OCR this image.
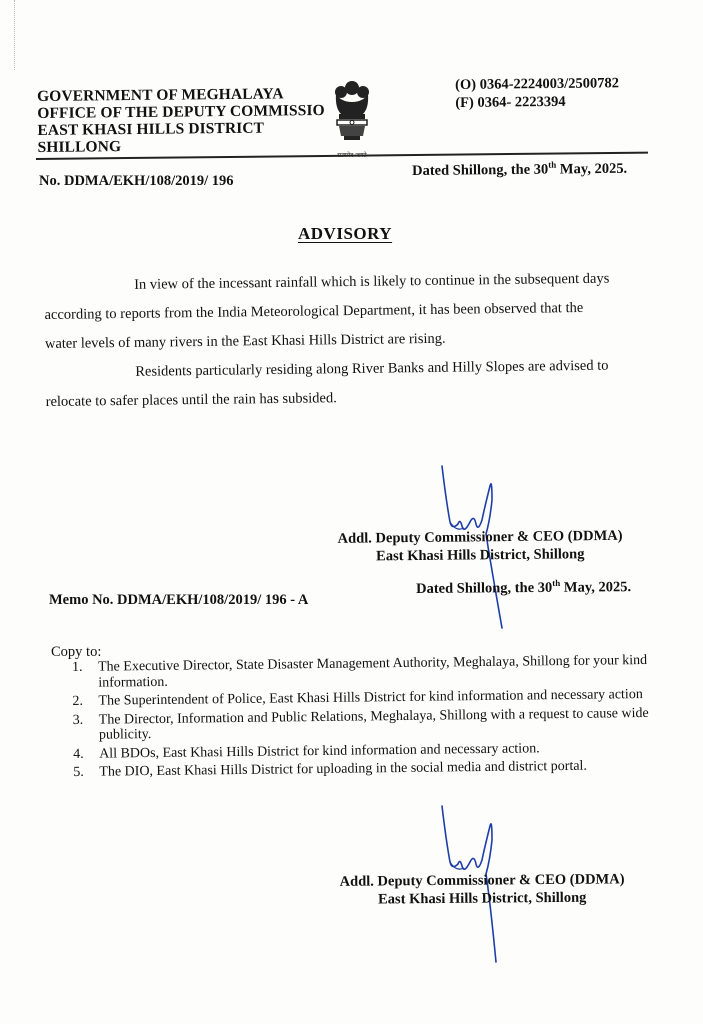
GOVERNMENT OF MEGHALAYA
OFFICE OF THE DEPUTY COMMISSIO
EAST KHASI HILLS DISTRICT
SHILLONG
(O) 0364-2224003/2500782
(F) 0364- 2223394
No. DDMA/EKH/108/2019/ 196
Dated Shillong, the 30th May, 2025.
ADVISORY
In view of the incessant rainfall which is likely to continue in the subsequent days
according to reports from the India Meteorological Department, it has been observed that the
water levels of many rivers in the East Khasi Hills District are rising.
Residents particularly residing along River Banks and Hilly Slopes are advised to
relocate to safer places until the rain has subsided.
Addl. Deputy Commissioner & CEO (DDMA)
East Khasi Hills District, Shillong
Memo No. DDMA/EKH/108/2019/ 196 - A
Dated Shillong, the 30th May, 2025.
Copy to:
1.	The Executive Director, State Disaster Management Authority, Meghalaya, Shillong for your kind information.
2.	The Superintendent of Police, East Khasi Hills District for kind information and necessary action
3.	The Director, Information and Public Relations, Meghalaya, Shillong with a request to cause wide publicity.
4.	All BDOs, East Khasi Hills District for kind information and necessary action.
5.	The DIO, East Khasi Hills District for uploading in the social media and district portal.
Addl. Deputy Commissioner & CEO (DDMA)
East Khasi Hills District, Shillong
